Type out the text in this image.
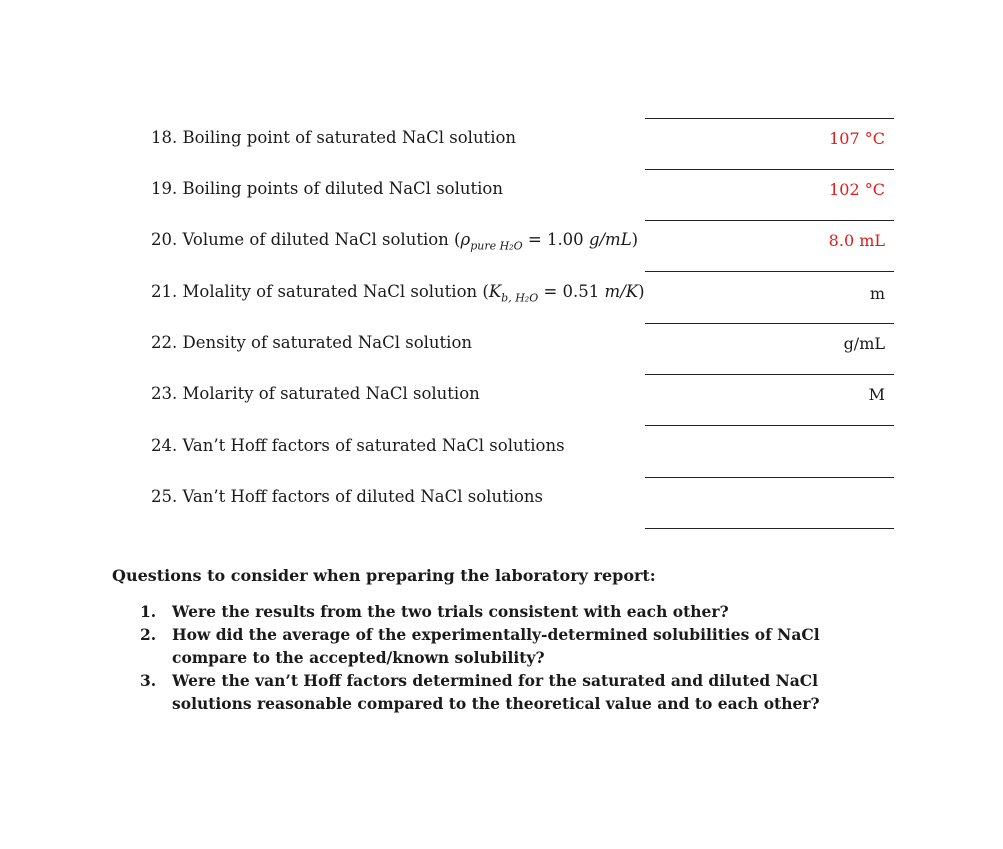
18. Boiling point of saturated NaCl solution	107 °C
19. Boiling points of diluted NaCl solution	102 °C
20. Volume of diluted NaCl solution ($\rho_{pure H_2O} = 1.00$ g/mL)	8.0 mL
21. Molality of saturated NaCl solution ($K_{b, H_2O} = 0.51$ m/K)	m
22. Density of saturated NaCl solution	g/mL
23. Molarity of saturated NaCl solution	M
24. Van’t Hoff factors of saturated NaCl solutions
25. Van’t Hoff factors of diluted NaCl solutions
Questions to consider when preparing the laboratory report:
1. Were the results from the two trials consistent with each other?
2. How did the average of the experimentally-determined solubilities of NaCl compare to the accepted/known solubility?
3. Were the van’t Hoff factors determined for the saturated and diluted NaCl solutions reasonable compared to the theoretical value and to each other?
